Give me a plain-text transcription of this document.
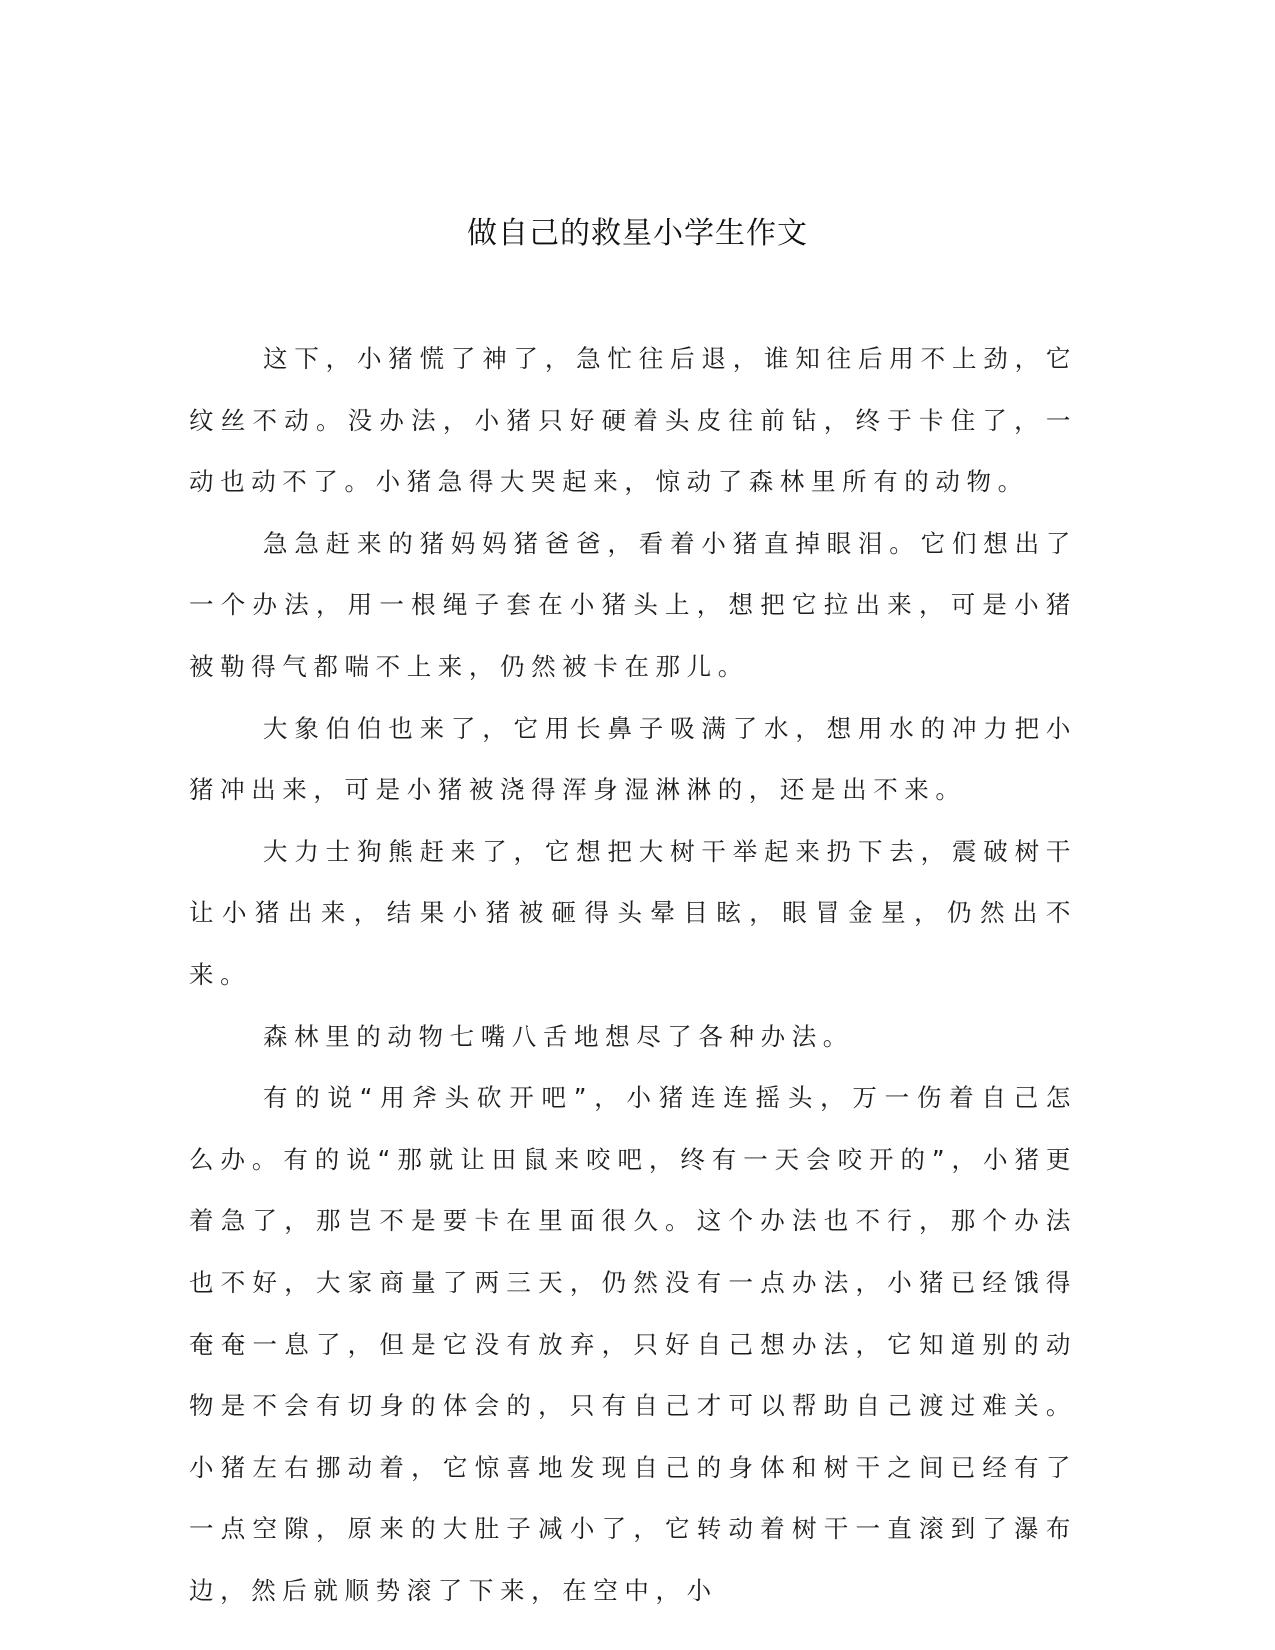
做自己的救星小学生作文

这下，小猪慌了神了，急忙往后退，谁知往后用不上劲，它纹丝不动。没办法，小猪只好硬着头皮往前钻，终于卡住了，一动也动不了。小猪急得大哭起来，惊动了森林里所有的动物。

急急赶来的猪妈妈猪爸爸，看着小猪直掉眼泪。它们想出了一个办法，用一根绳子套在小猪头上，想把它拉出来，可是小猪被勒得气都喘不上来，仍然被卡在那儿。

大象伯伯也来了，它用长鼻子吸满了水，想用水的冲力把小猪冲出来，可是小猪被浇得浑身湿淋淋的，还是出不来。

大力士狗熊赶来了，它想把大树干举起来扔下去，震破树干让小猪出来，结果小猪被砸得头晕目眩，眼冒金星，仍然出不来。

森林里的动物七嘴八舌地想尽了各种办法。

有的说“用斧头砍开吧”，小猪连连摇头，万一伤着自己怎么办。有的说“那就让田鼠来咬吧，终有一天会咬开的”，小猪更着急了，那岂不是要卡在里面很久。这个办法也不行，那个办法也不好，大家商量了两三天，仍然没有一点办法，小猪已经饿得奄奄一息了，但是它没有放弃，只好自己想办法，它知道别的动物是不会有切身的体会的，只有自己才可以帮助自己渡过难关。小猪左右挪动着，它惊喜地发现自己的身体和树干之间已经有了一点空隙，原来的大肚子减小了，它转动着树干一直滚到了瀑布边，然后就顺势滚了下来，在空中，小
